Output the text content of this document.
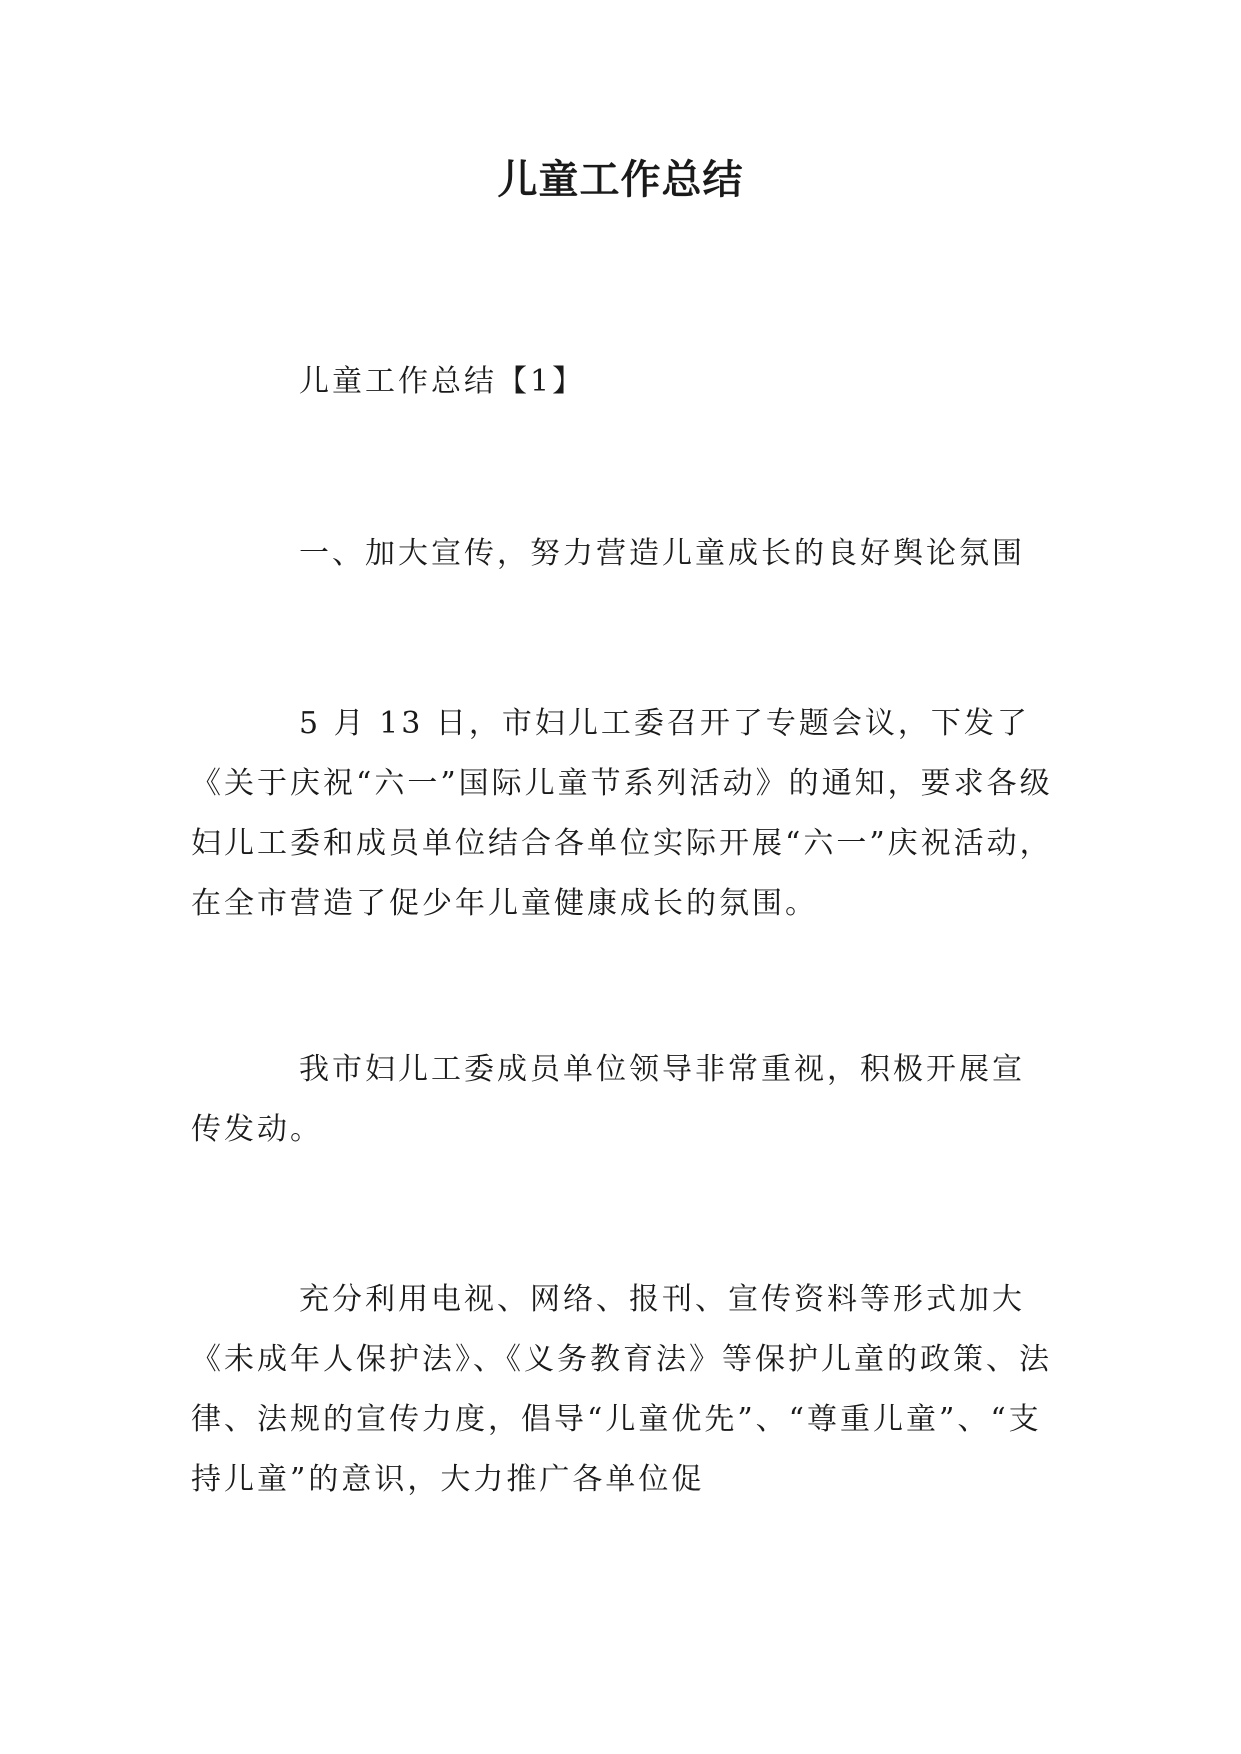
儿童工作总结

儿童工作总结【1】

一、加大宣传，努力营造儿童成长的良好舆论氛围

5 月 13 日，市妇儿工委召开了专题会议，下发了《关于庆祝“六一”国际儿童节系列活动》的通知，要求各级妇儿工委和成员单位结合各单位实际开展“六一”庆祝活动，在全市营造了促少年儿童健康成长的氛围。

我市妇儿工委成员单位领导非常重视，积极开展宣传发动。

充分利用电视、网络、报刊、宣传资料等形式加大《未成年人保护法》、《义务教育法》等保护儿童的政策、法律、法规的宣传力度，倡导“儿童优先”、“尊重儿童”、“支持儿童”的意识，大力推广各单位促
